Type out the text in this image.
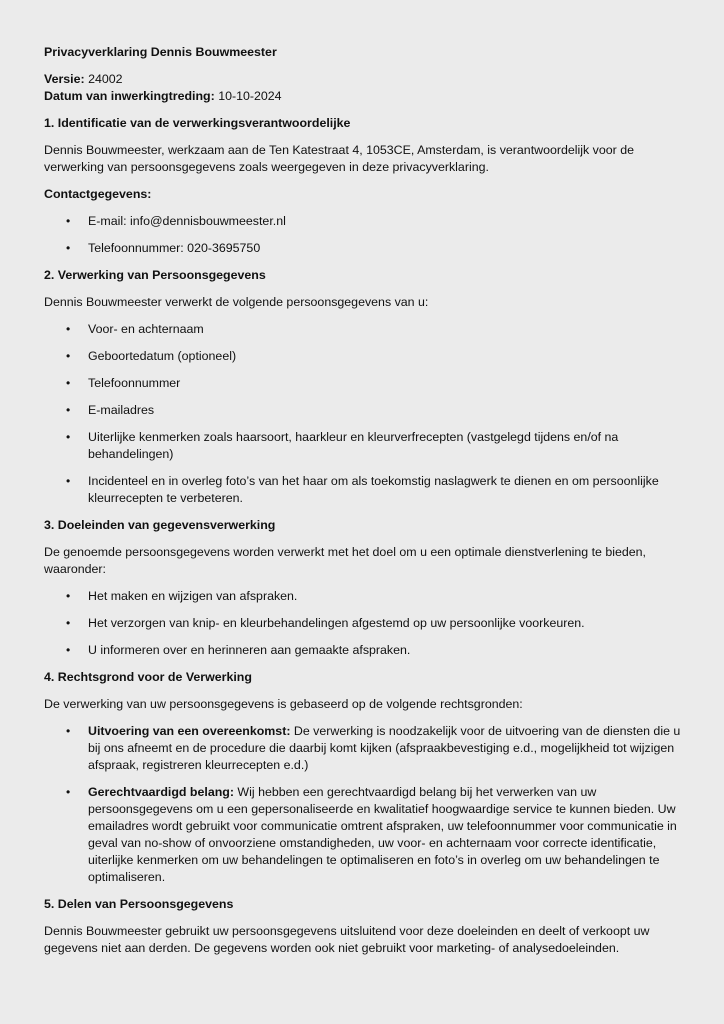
Privacyverklaring Dennis Bouwmeester

Versie: 24002

Datum van inwerkingtreding: 10-10-2024

1. Identificatie van de verwerkingsverantwoordelijke

Dennis Bouwmeester, werkzaam aan de Ten Katestraat 4, 1053CE, Amsterdam, is verantwoordelijk voor de verwerking van persoonsgegevens zoals weergegeven in deze privacyverklaring.

Contactgegevens:

•	E-mail: info@dennisbouwmeester.nl
•	Telefoonnummer: 020-3695750

2. Verwerking van Persoonsgegevens

Dennis Bouwmeester verwerkt de volgende persoonsgegevens van u:

•	Voor- en achternaam
•	Geboortedatum (optioneel)
•	Telefoonnummer
•	E-mailadres
•	Uiterlijke kenmerken zoals haarsoort, haarkleur en kleurverfrecepten (vastgelegd tijdens en/of na behandelingen)
•	Incidenteel en in overleg foto’s van het haar om als toekomstig naslagwerk te dienen en om persoonlijke kleurrecepten te verbeteren.

3. Doeleinden van gegevensverwerking

De genoemde persoonsgegevens worden verwerkt met het doel om u een optimale dienstverlening te bieden, waaronder:

•	Het maken en wijzigen van afspraken.
•	Het verzorgen van knip- en kleurbehandelingen afgestemd op uw persoonlijke voorkeuren.
•	U informeren over en herinneren aan gemaakte afspraken.

4. Rechtsgrond voor de Verwerking

De verwerking van uw persoonsgegevens is gebaseerd op de volgende rechtsgronden:

•	Uitvoering van een overeenkomst: De verwerking is noodzakelijk voor de uitvoering van de diensten die u bij ons afneemt en de procedure die daarbij komt kijken (afspraakbevestiging e.d., mogelijkheid tot wijzigen afspraak, registreren kleurrecepten e.d.)
•	Gerechtvaardigd belang: Wij hebben een gerechtvaardigd belang bij het verwerken van uw persoonsgegevens om u een gepersonaliseerde en kwalitatief hoogwaardige service te kunnen bieden. Uw emailadres wordt gebruikt voor communicatie omtrent afspraken, uw telefoonnummer voor communicatie in geval van no-show of onvoorziene omstandigheden, uw voor- en achternaam voor correcte identificatie, uiterlijke kenmerken om uw behandelingen te optimaliseren en foto’s in overleg om uw behandelingen te optimaliseren.

5. Delen van Persoonsgegevens

Dennis Bouwmeester gebruikt uw persoonsgegevens uitsluitend voor deze doeleinden en deelt of verkoopt uw gegevens niet aan derden. De gegevens worden ook niet gebruikt voor marketing- of analysedoeleinden.
